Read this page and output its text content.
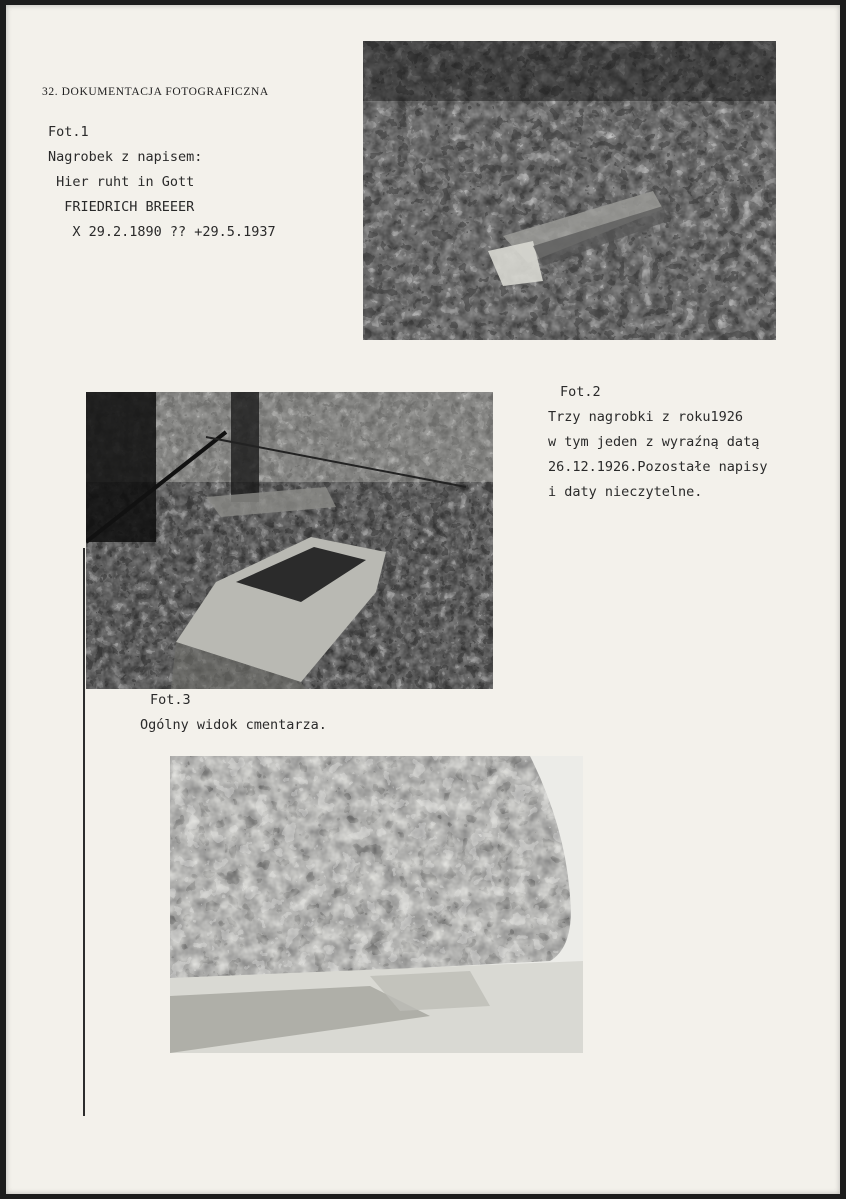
32. DOKUMENTACJA FOTOGRAFICZNA
Fot.1
Nagrobek z napisem:
Hier ruht in Gott
FRIEDRICH BREEER
X 29.2.1890 ?? +29.5.1937
Fot.2
Trzy nagrobki z roku1926
w tym jeden z wyraźną datą
26.12.1926.Pozostałe napisy
i daty nieczytelne.
Fot.3
Ogólny widok cmentarza.
